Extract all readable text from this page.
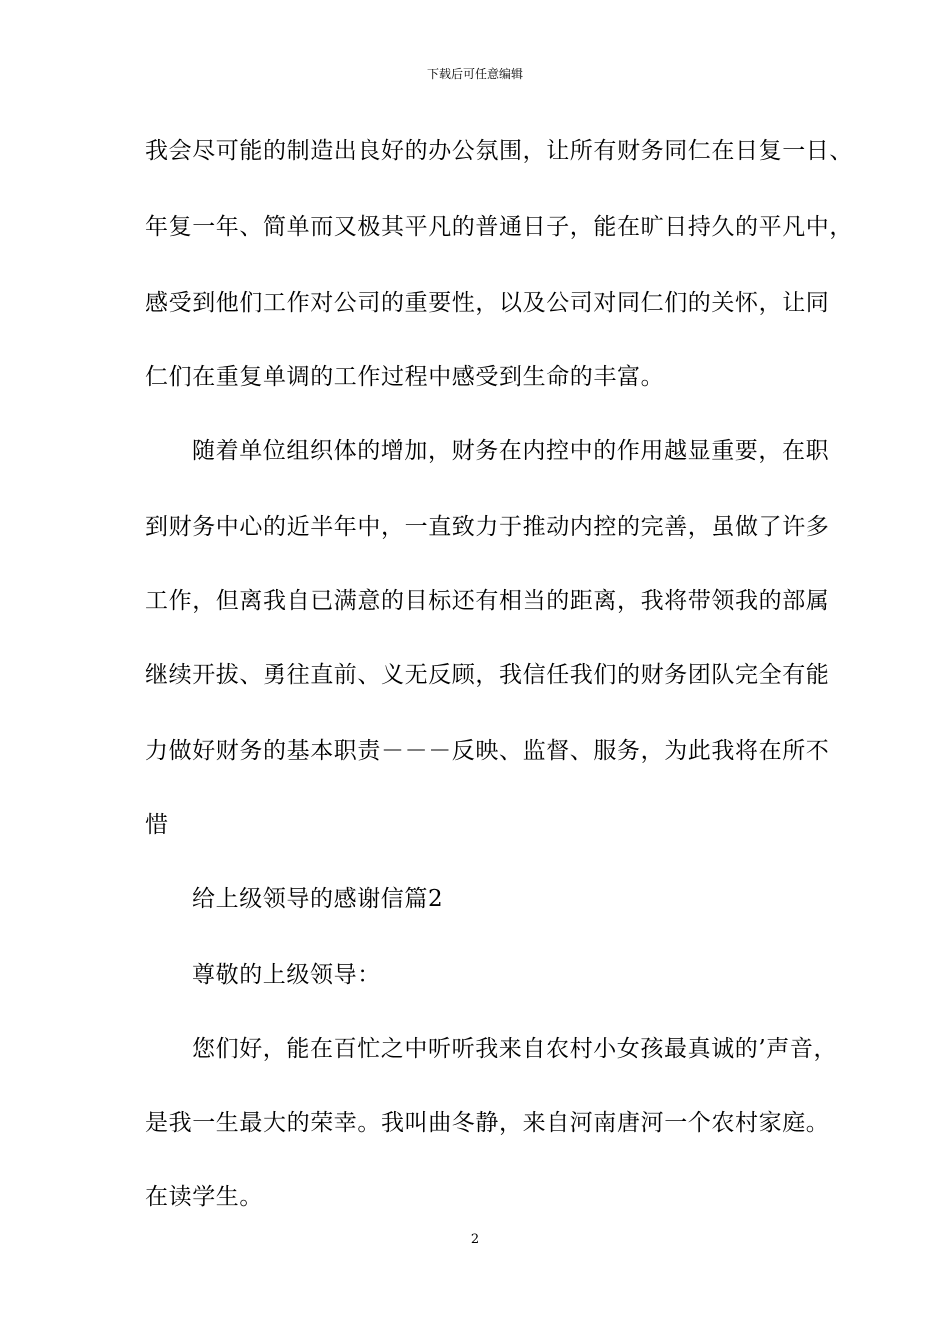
下载后可任意编辑
我会尽可能的制造出良好的办公氛围，让所有财务同仁在日复一日、
年复一年、简单而又极其平凡的普通日子，能在旷日持久的平凡中，
感受到他们工作对公司的重要性，以及公司对同仁们的关怀，让同
仁们在重复单调的工作过程中感受到生命的丰富。
随着单位组织体的增加，财务在内控中的作用越显重要，在职
到财务中心的近半年中，一直致力于推动内控的完善，虽做了许多
工作，但离我自已满意的目标还有相当的距离，我将带领我的部属
继续开拔、勇往直前、义无反顾，我信任我们的财务团队完全有能
力做好财务的基本职责－－－反映、监督、服务，为此我将在所不
惜
给上级领导的感谢信篇2
尊敬的上级领导：
您们好，能在百忙之中听听我来自农村小女孩最真诚的’声音，
是我一生最大的荣幸。我叫曲冬静，来自河南唐河一个农村家庭。
在读学生。
2
